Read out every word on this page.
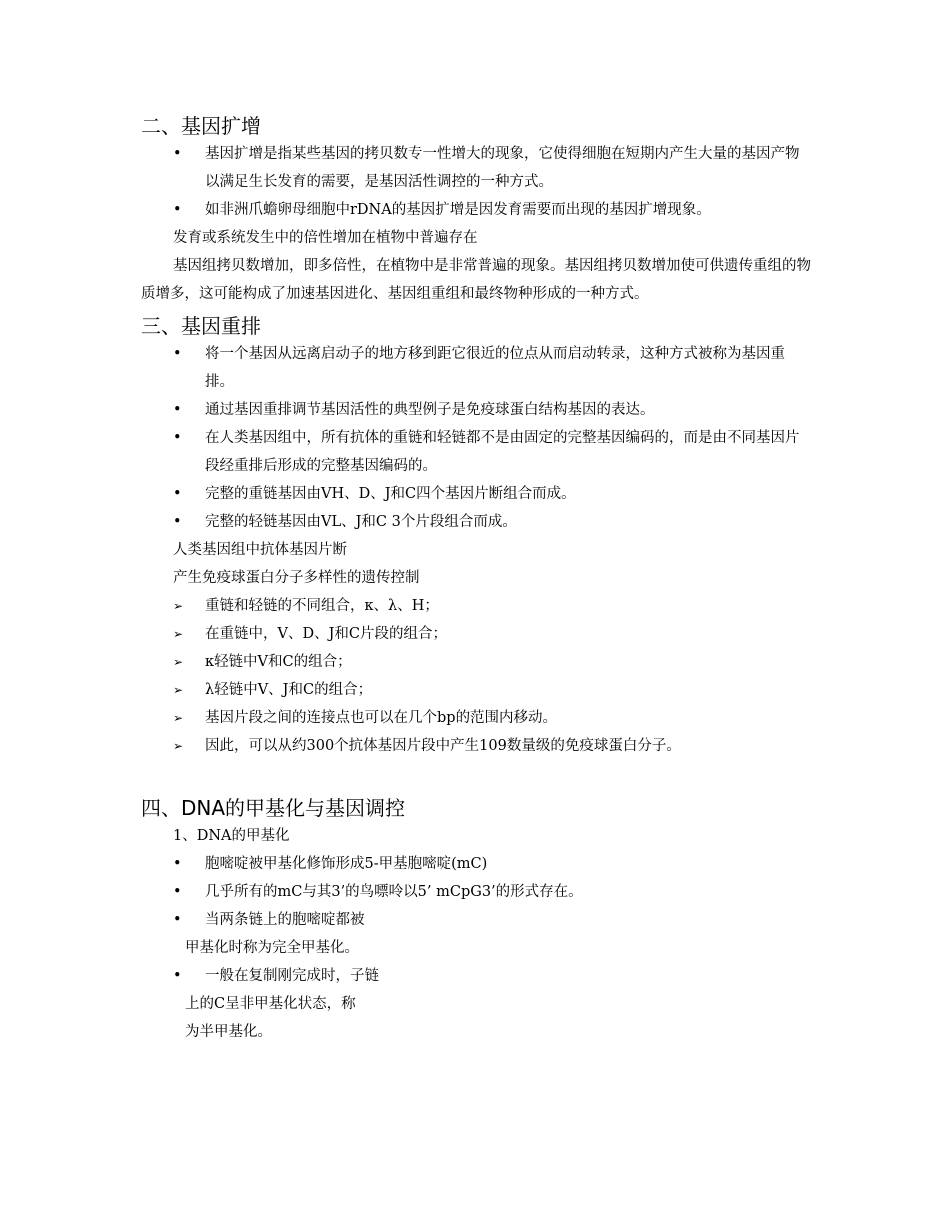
二、基因扩增

• 基因扩增是指某些基因的拷贝数专一性增大的现象，它使得细胞在短期内产生大量的基因产物以满足生长发育的需要，是基因活性调控的一种方式。

• 如非洲爪蟾卵母细胞中rDNA的基因扩增是因发育需要而出现的基因扩增现象。

发育或系统发生中的倍性增加在植物中普遍存在

基因组拷贝数增加，即多倍性，在植物中是非常普遍的现象。基因组拷贝数增加使可供遗传重组的物质增多，这可能构成了加速基因进化、基因组重组和最终物种形成的一种方式。

三、基因重排

• 将一个基因从远离启动子的地方移到距它很近的位点从而启动转录，这种方式被称为基因重排。

• 通过基因重排调节基因活性的典型例子是免疫球蛋白结构基因的表达。

• 在人类基因组中，所有抗体的重链和轻链都不是由固定的完整基因编码的，而是由不同基因片段经重排后形成的完整基因编码的。

• 完整的重链基因由VH、D、J和C四个基因片断组合而成。

• 完整的轻链基因由VL、J和C 3个片段组合而成。

人类基因组中抗体基因片断

产生免疫球蛋白分子多样性的遗传控制

➢ 重链和轻链的不同组合，κ、λ、H；

➢ 在重链中，V、D、J和C片段的组合；

➢ κ轻链中V和C的组合；

➢ λ轻链中V、J和C的组合；

➢ 基因片段之间的连接点也可以在几个bp的范围内移动。

➢ 因此，可以从约300个抗体基因片段中产生109数量级的免疫球蛋白分子。

四、DNA的甲基化与基因调控

1、DNA的甲基化

• 胞嘧啶被甲基化修饰形成5-甲基胞嘧啶(mC)

• 几乎所有的mC与其3’的鸟嘌呤以5’ mCpG3’的形式存在。

• 当两条链上的胞嘧啶都被

甲基化时称为完全甲基化。

• 一般在复制刚完成时，子链

上的C呈非甲基化状态，称

为半甲基化。
